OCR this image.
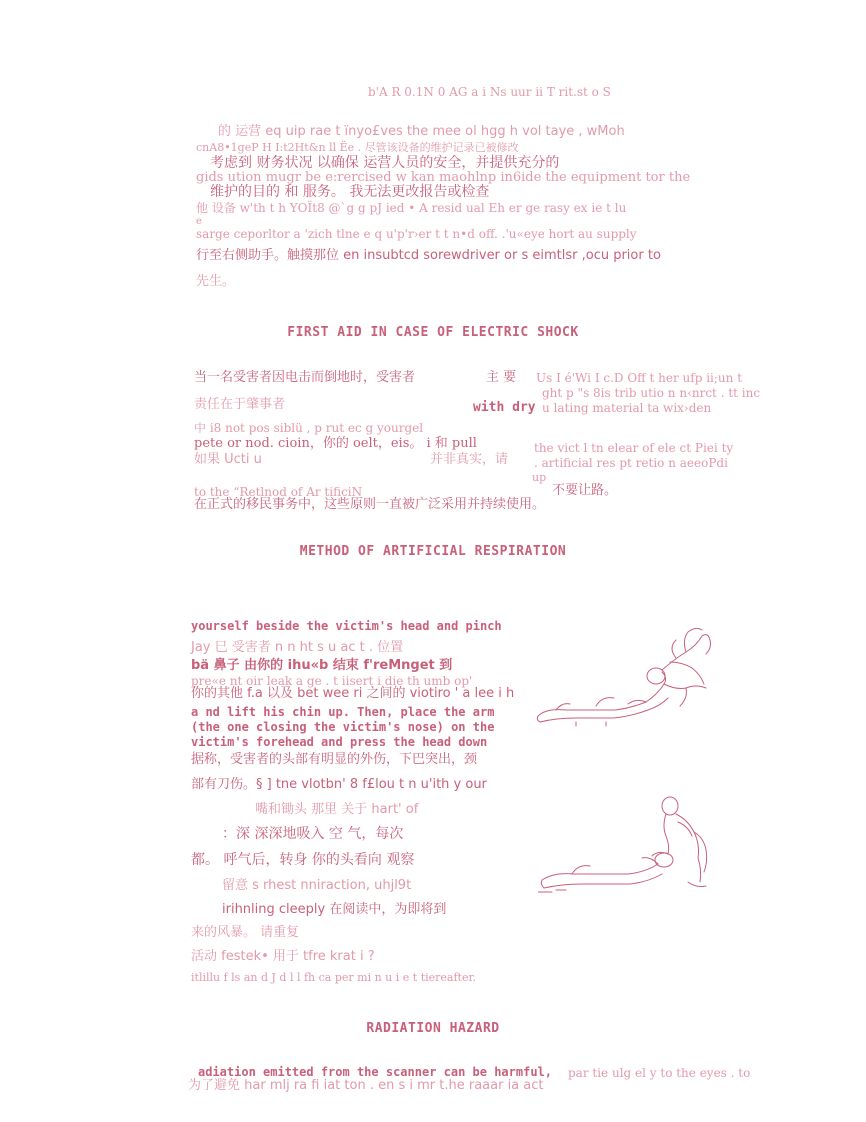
b'A R 0.1N 0 AG a i Ns uur ii T rit.st o S
的 运营 eq uip rae t ïnyo£ves the mee ol hgg h vol taye , wMoh
cnA8•1geP H I:t2Ht&n ll Ëe . 尽管该设备的维护记录已被修改
考虑到 财务状况 以确保 运营人员的安全，并提供充分的
gids ution mugr be e:rercised w kan maohlnp in6ide the equipment tor the
维护的目的 和 服务。 我无法更改报告或检查
他 设备 w'th t h YOÏt8 @`g g pJ ied • A resid ual Eh er ge rasy ex ie t lu
e
sarge ceporltor a 'zich tlne e q u'p'r›er t t n•d off. .'u«eye hort au supply
行至右侧助手。触摸那位 en insubtcd sorewdriver or s eimtlsr ,ocu prior to
先生。
FIRST AID IN CASE OF ELECTRIC SHOCK
当一名受害者因电击而倒地时，受害者	主 要 Us I é'Wi I c.D Off t her ufp ii;un t
ght p "s 8is trib utio n n‹nrct . tt inc
责任在于肇事者	with dry u lating material ta wix›den
中 i8 not pos siblü , p rut ec g yourgel
pete or nod. cioin，你的 oelt，eis。 i 和 pull	the vict l tn elear of ele ct Piei ty
如果 Ucti u	并非真实，请 . artificial res pt retio n aeeoPdi
up
to the “Retlnod of Ar tificiN	不要让路。
在正式的移民事务中，这些原则一直被广泛采用并持续使用。
METHOD OF ARTIFICIAL RESPIRATION
yourself beside the victim's head and pinch
Jay 巳 受害者 n n ht s u ac t . 位置
bä 鼻子 由你的 ihu«b 结束 f'reMnget 到
pre«e nt oir leak a ge . t iisert i die th umb op'
你的其他 f.a 以及 bet wee ri 之间的 viotiro ' a lee i h
a nd lift his chin up. Then, place the arm
(the one closing the victim's nose) on the
victim's forehead and press the head down
据称，受害者的头部有明显的外伤，下巴突出，颈
部有刀伤。§ ] tne vlotbn' 8 f£lou t n u'ith y our
嘴和锄头 那里 关于 hart' of
：深 深深地吸入 空 气，每次
都。 呼气后，转身 你的头看向 观察
留意 s rhest nniraction, uhjl9t
irihnling cleeply 在阅读中，为即将到
来的风暴。 请重复
活动 festek• 用于 tfre krat i ?
itlillu f ls an d J d l l fh ca per mi n u i e t tiereafter.
RADIATION HAZARD
adiation emitted from the scanner can be harmful, par tie ulg el y to the eyes . to
为了避免 har mlj ra fi iat ton . en s i mr t.he raaar ia act
